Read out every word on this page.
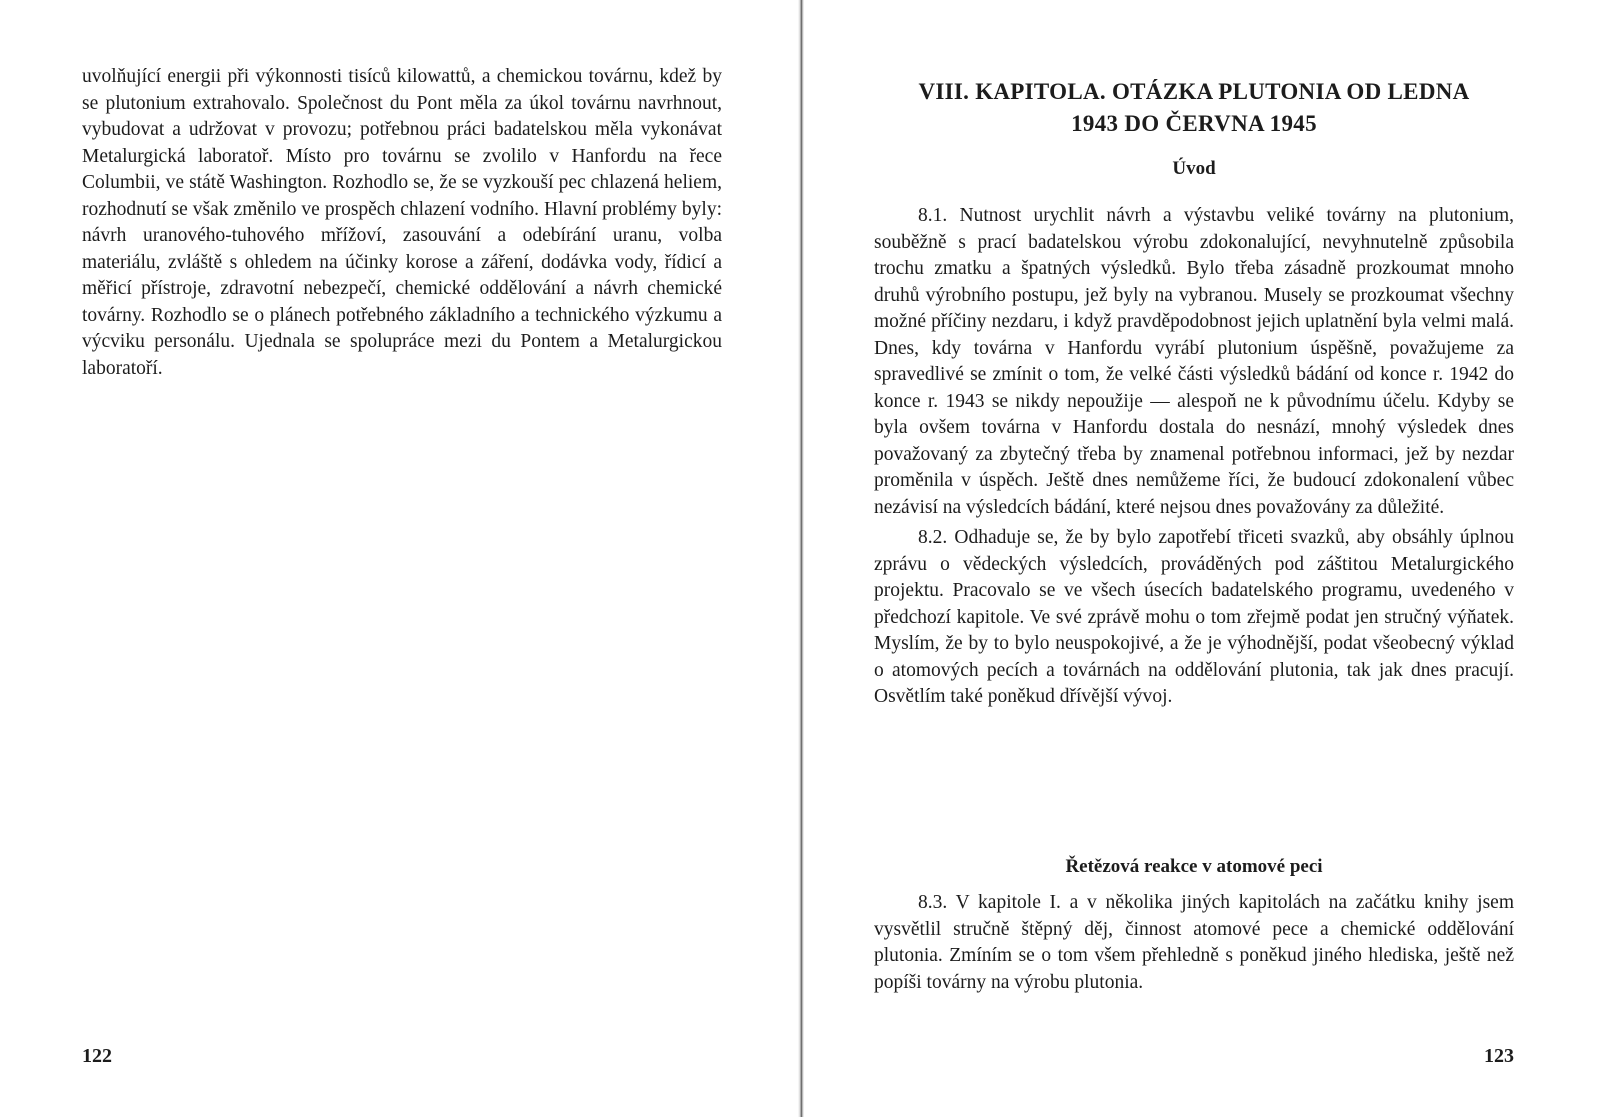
uvolňující energii při výkonnosti tisíců kilowattů, a chemickou továrnu, kdež by se plutonium extrahovalo. Společnost du Pont měla za úkol továrnu navrhnout, vybudovat a udržovat v provozu; potřebnou práci badatelskou měla vykonávat Metalurgická laboratoř. Místo pro továrnu se zvolilo v Hanfordu na řece Columbii, ve státě Washington. Rozhodlo se, že se vyzkouší pec chlazená heliem, rozhodnutí se však změnilo ve prospěch chlazení vodního. Hlavní problémy byly: návrh uranového-tuhového mřížoví, zasouvání a odebírání uranu, volba materiálu, zvláště s ohledem na účinky korose a záření, dodávka vody, řídicí a měřicí přístroje, zdravotní nebezpečí, chemické oddělování a návrh chemické továrny. Rozhodlo se o plánech potřebného základního a technického výzkumu a výcviku personálu. Ujednala se spolupráce mezi du Pontem a Metalurgickou laboratoří.

122
VIII. KAPITOLA. OTÁZKA PLUTONIA OD LEDNA
1943 DO ČERVNA 1945
Úvod

8.1. Nutnost urychlit návrh a výstavbu veliké továrny na plutonium, souběžně s prací badatelskou výrobu zdokonalující, nevyhnutelně způsobila trochu zmatku a špatných výsledků. Bylo třeba zásadně prozkoumat mnoho druhů výrobního postupu, jež byly na vybranou. Musely se prozkoumat všechny možné příčiny nezdaru, i když pravděpodobnost jejich uplatnění byla velmi malá. Dnes, kdy továrna v Hanfordu vyrábí plutonium úspěšně, považujeme za spravedlivé se zmínit o tom, že velké části výsledků bádání od konce r. 1942 do konce r. 1943 se nikdy nepoužije — alespoň ne k původnímu účelu. Kdyby se byla ovšem továrna v Hanfordu dostala do nesnází, mnohý výsledek dnes považovaný za zbytečný třeba by znamenal potřebnou informaci, jež by nezdar proměnila v úspěch. Ještě dnes nemůžeme říci, že budoucí zdokonalení vůbec nezávisí na výsledcích bádání, které nejsou dnes považovány za důležité.

8.2. Odhaduje se, že by bylo zapotřebí třiceti svazků, aby obsáhly úplnou zprávu o vědeckých výsledcích, prováděných pod záštitou Metalurgického projektu. Pracovalo se ve všech úsecích badatelského programu, uvedeného v předchozí kapitole. Ve své zprávě mohu o tom zřejmě podat jen stručný výňatek. Myslím, že by to bylo neuspokojivé, a že je výhodnější, podat všeobecný výklad o atomových pecích a továrnách na oddělování plutonia, tak jak dnes pracují. Osvětlím také poněkud dřívější vývoj.

Řetězová reakce v atomové peci

8.3. V kapitole I. a v několika jiných kapitolách na začátku knihy jsem vysvětlil stručně štěpný děj, činnost atomové pece a chemické oddělování plutonia. Zmíním se o tom všem přehledně s poněkud jiného hlediska, ještě než popíši továrny na výrobu plutonia.

123
